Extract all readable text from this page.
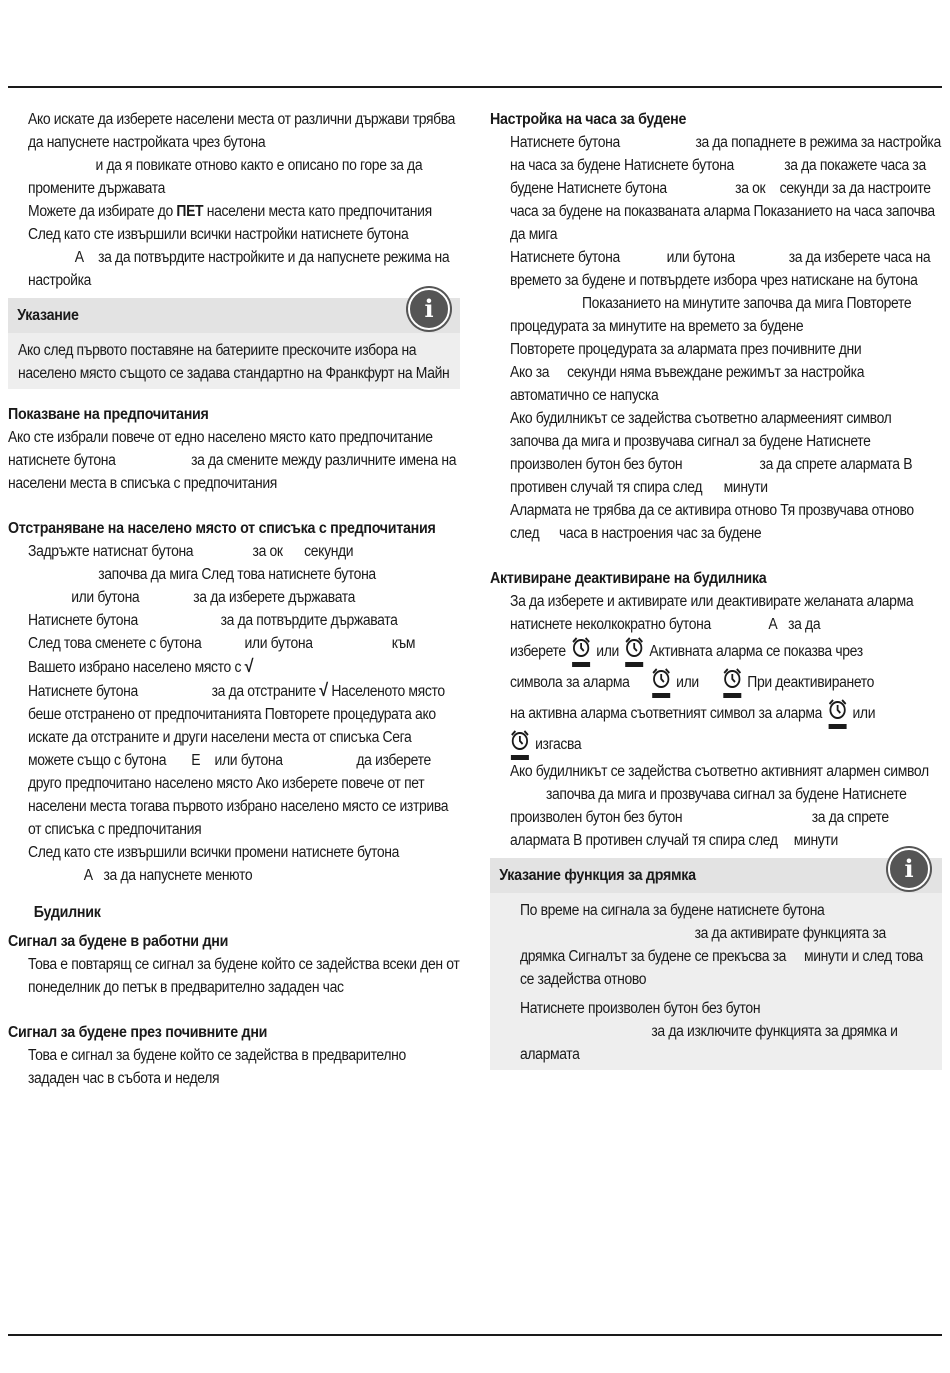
Ако искате да изберете населени места от различни държави трябва да напуснете настройката чрез бутона
и да я повикате отново както е описано по горе за да промените държавата

Можете да избирате до ПЕТ населени места като предпочитания

След като сте извършили всички настройки натиснете бутона А за да потвърдите настройките и да напуснете режима на настройка

i
Указание

Ако след първото поставяне на батериите прескочите избора на населено място същото се задава стандартно на Франкфурт на Майн

Показване на предпочитания

Ако сте избрали повече от едно населено място като предпочитание натиснете бутона	за да смените между различните имена на населени места в списъка с предпочитания

Отстраняване на населено място от списъка с предпочитания

Задръжте натиснат бутона	за ок секунди
започва да мига След това натиснете бутона
или бутона	за да изберете държавата

Натиснете бутона	за да потвърдите държавата

След това сменете с бутона	или бутона	към
Вашето избрано населено място с √

Натиснете бутона	за да отстраните √ Населеното място беше отстранено от предпочитанията Повторете процедурата ако искате да отстраните и други населени места от списъка Сега можете също с бутона Е или бутона	да изберете друго предпочитано населено място Ако изберете повече от пет населени места тогава първото избрано населено място се изтрива от списъка с предпочитания

След като сте извършили всички промени натиснете бутона
А за да напуснете менюто

Будилник
Сигнал за будене в работни дни

Това е повтарящ се сигнал за будене който се задейства всеки ден от понеделник до петък в предварително зададен час

Сигнал за будене през почивните дни

Това е сигнал за будене който се задейства в предварително зададен час в събота и неделя

Настройка на часа за будене

Натиснете бутона	за да попаднете в режима за настройка на часа за будене Натиснете бутона	за да покажете часа за будене Натиснете бутона	за ок секунди за да настроите часа за будене на показваната аларма Показанието на часа започва да мига

Натиснете бутона	или бутона	за да изберете часа на времето за будене и потвърдете избора чрез натискане на бутона Показанието на минутите започва да мига Повторете процедурата за минутите на времето за будене

Повторете процедурата за алармата през почивните дни

Ако за секунди няма въвеждане режимът за настройка автоматично се напуска

Ако будилникът се задейства съответно алармееният символ започва да мига и прозвучава сигнал за будене Натиснете произволен бутон без бутон	за да спрете алармата В противен случай тя спира след минути

Алармата не трябва да се активира отново Тя прозвучава отново
след часа в настроения час за будене

Активиране деактивиране на будилника

За да изберете и активирате или деактивирате желаната аларма натиснете неколкократно бутона	А за да

изберете или Активната аларма се показва чрез
символа за аларма	или	При деактивирането
на активна аларма съответният символ за аларма или

изгасва

Ако будилникът се задейства съответно активният алармен символ започва да мига и прозвучава сигнал за будене Натиснете произволен бутон без бутон	за да спрете алармата В противен случай тя спира след минути

i
Указание функция за дрямка

По време на сигнала за будене натиснете бутона
за да активирате функцията за дрямка Сигналът за будене се прекъсва за минути и след това се задейства отново

Натиснете произволен бутон без бутон
за да изключите функцията за дрямка и алармата
